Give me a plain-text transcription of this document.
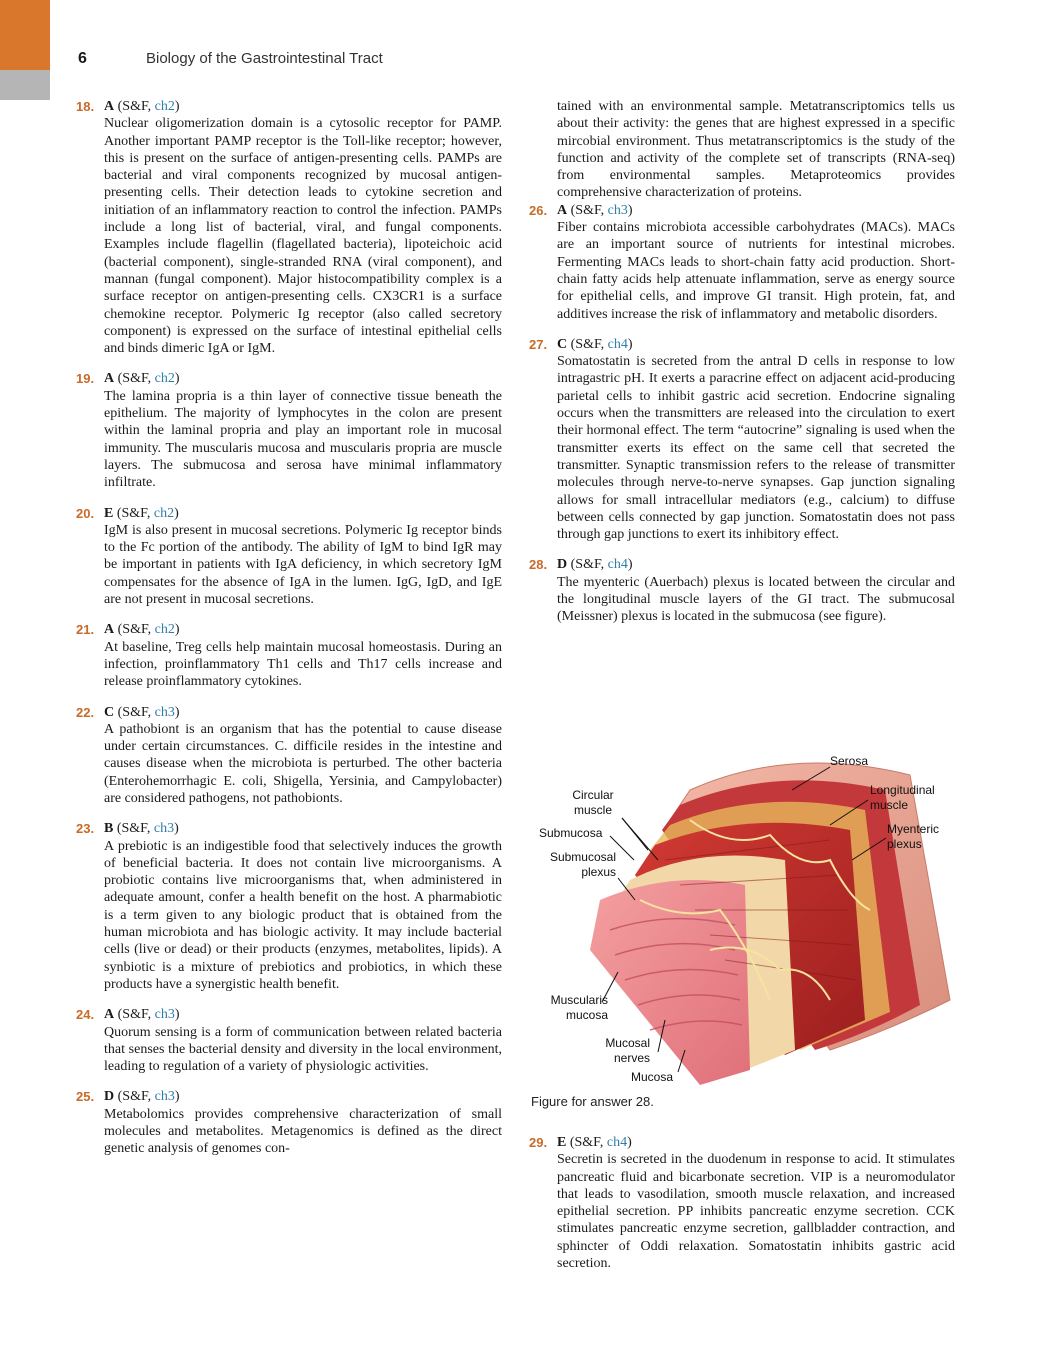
6	Biology of the Gastrointestinal Tract
18. A (S&F, ch2)

Nuclear oligomerization domain is a cytosolic receptor for PAMP. Another important PAMP receptor is the Toll-like receptor; however, this is present on the surface of antigen-presenting cells. PAMPs are bacterial and viral components recognized by mucosal antigen-presenting cells. Their detection leads to cytokine secretion and initiation of an inflammatory reaction to control the infection. PAMPs include a long list of bacterial, viral, and fungal components. Examples include flagellin (flagellated bacteria), lipoteichoic acid (bacterial component), single-stranded RNA (viral component), and mannan (fungal component). Major histocompatibility complex is a surface receptor on antigen-presenting cells. CX3CR1 is a surface chemokine receptor. Polymeric Ig receptor (also called secretory component) is expressed on the surface of intestinal epithelial cells and binds dimeric IgA or IgM.

19. A (S&F, ch2)

The lamina propria is a thin layer of connective tissue beneath the epithelium. The majority of lymphocytes in the colon are present within the laminal propria and play an important role in mucosal immunity. The muscularis mucosa and muscularis propria are muscle layers. The submucosa and serosa have minimal inflammatory infiltrate.

20. E (S&F, ch2)

IgM is also present in mucosal secretions. Polymeric Ig receptor binds to the Fc portion of the antibody. The ability of IgM to bind IgR may be important in patients with IgA deficiency, in which secretory IgM compensates for the absence of IgA in the lumen. IgG, IgD, and IgE are not present in mucosal secretions.

21. A (S&F, ch2)

At baseline, Treg cells help maintain mucosal homeostasis. During an infection, proinflammatory Th1 cells and Th17 cells increase and release proinflammatory cytokines.

22. C (S&F, ch3)

A pathobiont is an organism that has the potential to cause disease under certain circumstances. C. difficile resides in the intestine and causes disease when the microbiota is perturbed. The other bacteria (Enterohemorrhagic E. coli, Shigella, Yersinia, and Campylobacter) are considered pathogens, not pathobionts.

23. B (S&F, ch3)

A prebiotic is an indigestible food that selectively induces the growth of beneficial bacteria. It does not contain live microorganisms. A probiotic contains live microorganisms that, when administered in adequate amount, confer a health benefit on the host. A pharmabiotic is a term given to any biologic product that is obtained from the human microbiota and has biologic activity. It may include bacterial cells (live or dead) or their products (enzymes, metabolites, lipids). A synbiotic is a mixture of prebiotics and probiotics, in which these products have a synergistic health benefit.

24. A (S&F, ch3)

Quorum sensing is a form of communication between related bacteria that senses the bacterial density and diversity in the local environment, leading to regulation of a variety of physiologic activities.

25. D (S&F, ch3)

Metabolomics provides comprehensive characterization of small molecules and metabolites. Metagenomics is defined as the direct genetic analysis of genomes con-

tained with an environmental sample. Metatranscriptomics tells us about their activity: the genes that are highest expressed in a specific mircobial environment. Thus metatranscriptomics is the study of the function and activity of the complete set of transcripts (RNA-seq) from environmental samples. Metaproteomics provides comprehensive characterization of proteins.

26. A (S&F, ch3)

Fiber contains microbiota accessible carbohydrates (MACs). MACs are an important source of nutrients for intestinal microbes. Fermenting MACs leads to short-chain fatty acid production. Short-chain fatty acids help attenuate inflammation, serve as energy source for epithelial cells, and improve GI transit. High protein, fat, and additives increase the risk of inflammatory and metabolic disorders.

27. C (S&F, ch4)

Somatostatin is secreted from the antral D cells in response to low intragastric pH. It exerts a paracrine effect on adjacent acid-producing parietal cells to inhibit gastric acid secretion. Endocrine signaling occurs when the transmitters are released into the circulation to exert their hormonal effect. The term “autocrine” signaling is used when the transmitter exerts its effect on the same cell that secreted the transmitter. Synaptic transmission refers to the release of transmitter molecules through nerve-to-nerve synapses. Gap junction signaling allows for small intracellular mediators (e.g., calcium) to diffuse between cells connected by gap junction. Somatostatin does not pass through gap junctions to exert its inhibitory effect.

28. D (S&F, ch4)

The myenteric (Auerbach) plexus is located between the circular and the longitudinal muscle layers of the GI tract. The submucosal (Meissner) plexus is located in the submucosa (see figure).

Serosa
Longitudinal muscle
Myenteric plexus
Circular muscle
Submucosa
Submucosal plexus
Muscularis mucosa
Mucosal nerves
Mucosa
Figure for answer 28.
29. E (S&F, ch4)

Secretin is secreted in the duodenum in response to acid. It stimulates pancreatic fluid and bicarbonate secretion. VIP is a neuromodulator that leads to vasodilation, smooth muscle relaxation, and increased epithelial secretion. PP inhibits pancreatic enzyme secretion. CCK stimulates pancreatic enzyme secretion, gallbladder contraction, and sphincter of Oddi relaxation. Somatostatin inhibits gastric acid secretion.
